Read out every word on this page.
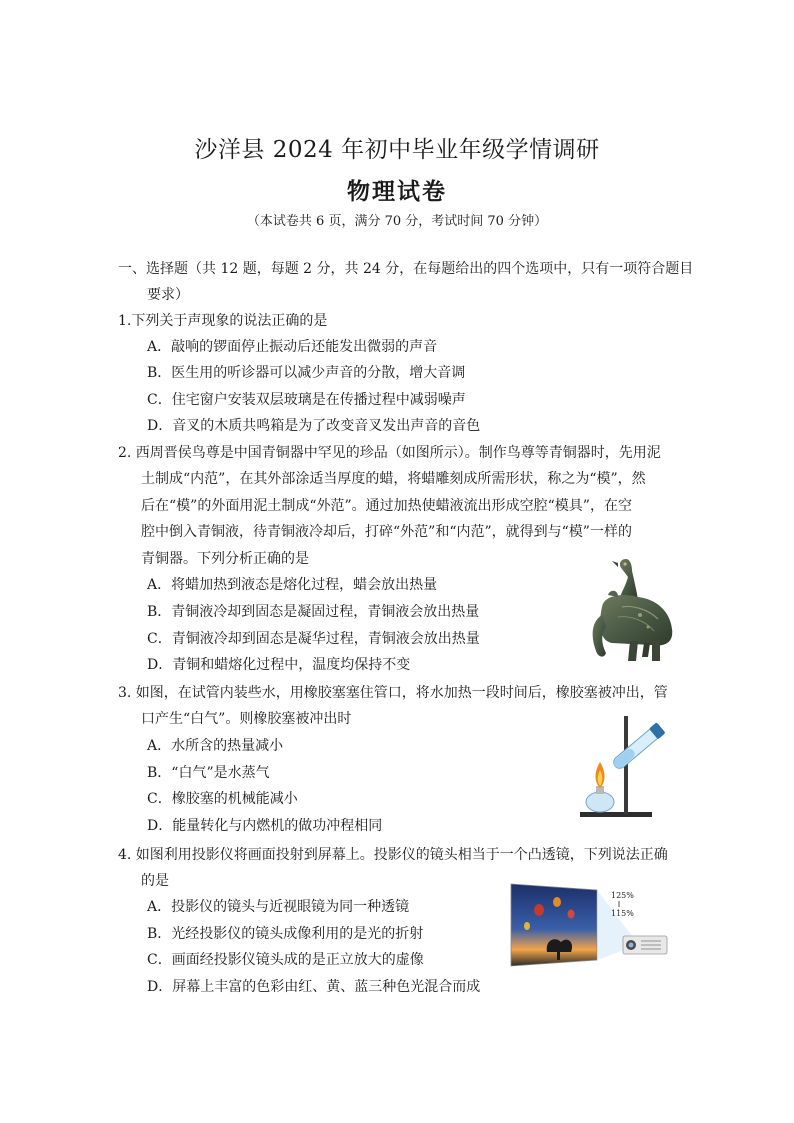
沙洋县 2024 年初中毕业年级学情调研
物理试卷
（本试卷共 6 页，满分 70 分，考试时间 70 分钟）
一、选择题（共 12 题，每题 2 分，共 24 分，在每题给出的四个选项中，只有一项符合题目
要求）
1.下列关于声现象的说法正确的是
A．敲响的锣面停止振动后还能发出微弱的声音
B．医生用的听诊器可以减少声音的分散，增大音调
C．住宅窗户安装双层玻璃是在传播过程中减弱噪声
D．音叉的木质共鸣箱是为了改变音叉发出声音的音色
2. 西周晋侯鸟尊是中国青铜器中罕见的珍品（如图所示）。制作鸟尊等青铜器时，先用泥
土制成“内范”，在其外部涂适当厚度的蜡，将蜡雕刻成所需形状，称之为“模”，然
后在“模”的外面用泥土制成“外范”。通过加热使蜡液流出形成空腔“模具”，在空
腔中倒入青铜液，待青铜液冷却后，打碎“外范”和“内范”，就得到与“模”一样的
青铜器。下列分析正确的是
A．将蜡加热到液态是熔化过程，蜡会放出热量
B．青铜液冷却到固态是凝固过程，青铜液会放出热量
C．青铜液冷却到固态是凝华过程，青铜液会放出热量
D．青铜和蜡熔化过程中，温度均保持不变
3. 如图，在试管内装些水，用橡胶塞塞住管口，将水加热一段时间后，橡胶塞被冲出，管
口产生“白气”。则橡胶塞被冲出时
A．水所含的热量减小
B．“白气”是水蒸气
C．橡胶塞的机械能减小
D．能量转化与内燃机的做功冲程相同
4. 如图利用投影仪将画面投射到屏幕上。投影仪的镜头相当于一个凸透镜，下列说法正确
的是
A．投影仪的镜头与近视眼镜为同一种透镜
B．光经投影仪的镜头成像利用的是光的折射
C．画面经投影仪镜头成的是正立放大的虚像
D．屏幕上丰富的色彩由红、黄、蓝三种色光混合而成
125%
115%
